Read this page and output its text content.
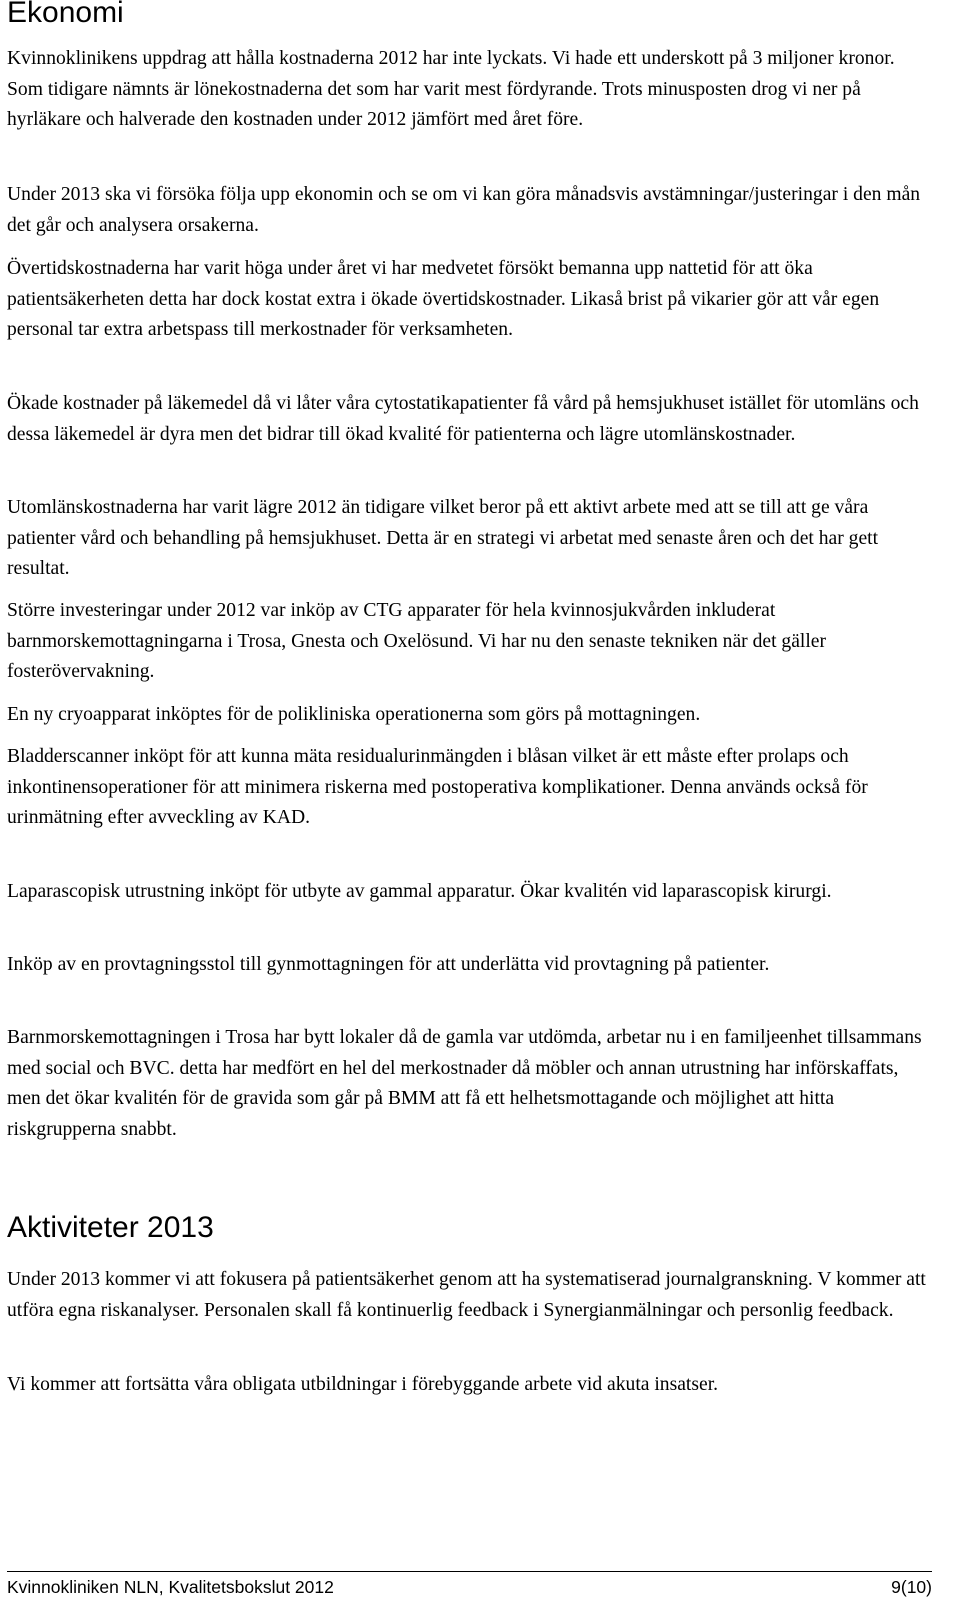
Ekonomi

Kvinnoklinikens uppdrag att hålla kostnaderna 2012 har inte lyckats. Vi hade ett underskott på 3 miljoner kronor. Som tidigare nämnts är lönekostnaderna det som har varit mest fördyrande. Trots minusposten drog vi ner på hyrläkare och halverade den kostnaden under 2012 jämfört med året före.

Under 2013 ska vi försöka följa upp ekonomin och se om vi kan göra månadsvis avstämningar/justeringar i den mån det går och analysera orsakerna.

Övertidskostnaderna har varit höga under året vi har medvetet försökt bemanna upp nattetid för att öka patientsäkerheten detta har dock kostat extra i ökade övertidskostnader. Likaså brist på vikarier gör att vår egen personal tar extra arbetspass till merkostnader för verksamheten.

Ökade kostnader på läkemedel då vi låter våra cytostatikapatienter få vård på hemsjukhuset istället för utomläns och dessa läkemedel är dyra men det bidrar till ökad kvalité för patienterna och lägre utomlänskostnader.

Utomlänskostnaderna har varit lägre 2012 än tidigare vilket beror på ett aktivt arbete med att se till att ge våra patienter vård och behandling på hemsjukhuset. Detta är en strategi vi arbetat med senaste åren och det har gett resultat.

Större investeringar under 2012 var inköp av CTG apparater för hela kvinnosjukvården inkluderat barnmorskemottagningarna i Trosa, Gnesta och Oxelösund. Vi har nu den senaste tekniken när det gäller fosterövervakning.

En ny cryoapparat inköptes för de polikliniska operationerna som görs på mottagningen.

Bladderscanner inköpt för att kunna mäta residualurinmängden i blåsan vilket är ett måste efter prolaps och inkontinensoperationer för att minimera riskerna med postoperativa komplikationer. Denna används också för urinmätning efter avveckling av KAD.

Laparascopisk utrustning inköpt för utbyte av gammal apparatur. Ökar kvalitén vid laparascopisk kirurgi.

Inköp av en provtagningsstol till gynmottagningen för att underlätta vid provtagning på patienter.

Barnmorskemottagningen i Trosa har bytt lokaler då de gamla var utdömda, arbetar nu i en familjeenhet tillsammans med social och BVC. detta har medfört en hel del merkostnader då möbler och annan utrustning har införskaffats, men det ökar kvalitén för de gravida som går på BMM att få ett helhetsmottagande och möjlighet att hitta riskgrupperna snabbt.

Aktiviteter 2013

Under 2013 kommer vi att fokusera på patientsäkerhet genom att ha systematiserad journalgranskning. V kommer att utföra egna riskanalyser. Personalen skall få kontinuerlig feedback i Synergianmälningar och personlig feedback.

Vi kommer att fortsätta våra obligata utbildningar i förebyggande arbete vid akuta insatser.

Kvinnokliniken NLN, Kvalitetsbokslut 2012	9(10)
